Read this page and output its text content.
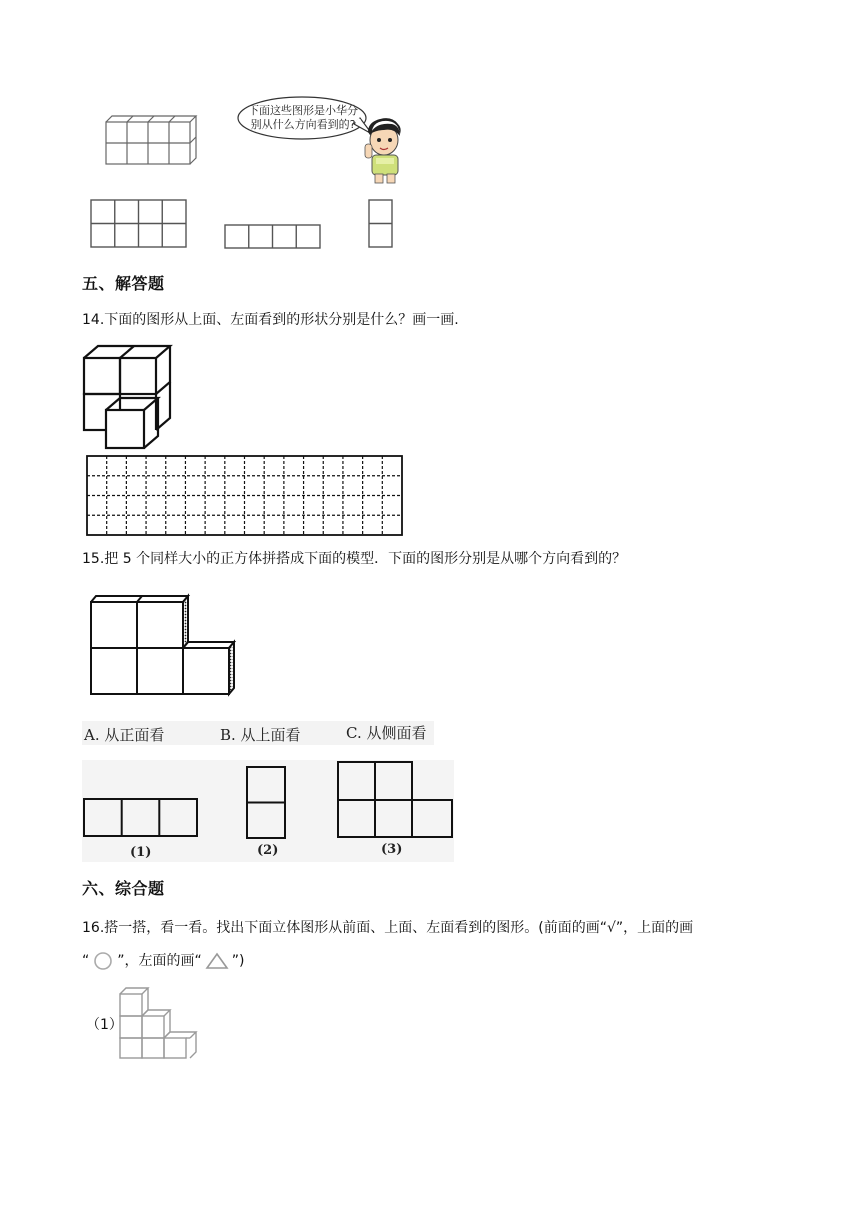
下面这些图形是小华分
别从什么方向看到的?
五、解答题
14.下面的图形从上面、左面看到的形状分别是什么？画一画.
15.把 5 个同样大小的正方体拼搭成下面的模型．下面的图形分别是从哪个方向看到的？
A. 从正面看	B. 从上面看	C. 从侧面看
(1)	(2)	(3)
六、综合题
16.搭一搭，看一看。找出下面立体图形从前面、上面、左面看到的图形。(前面的画“√”，上面的画
“ ”，左面的画“ ”)
（1）
